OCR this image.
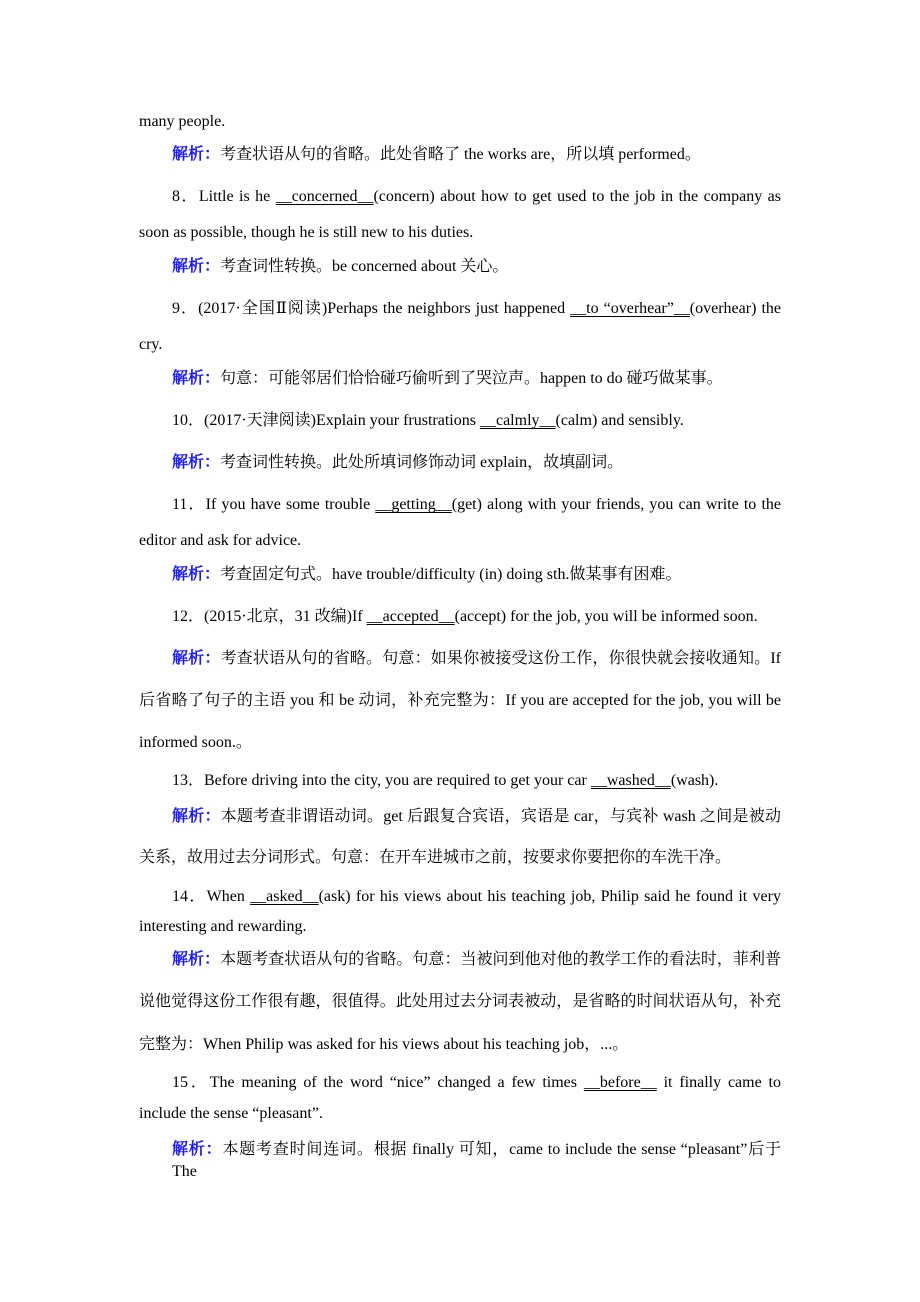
many people.
解析：考查状语从句的省略。此处省略了 the works are，所以填 performed。
8．Little is he __concerned__(concern) about how to get used to the job in the company as
soon as possible, though he is still new to his duties.
解析：考查词性转换。be concerned about 关心。
9．(2017·全国Ⅱ阅读)Perhaps the neighbors just happened __to “overhear”__(overhear) the
cry.
解析：句意：可能邻居们恰恰碰巧偷听到了哭泣声。happen to do 碰巧做某事。
10．(2017·天津阅读)Explain your frustrations __calmly__(calm) and sensibly.
解析：考查词性转换。此处所填词修饰动词 explain，故填副词。
11．If you have some trouble __getting__(get) along with your friends, you can write to the
editor and ask for advice.
解析：考查固定句式。have trouble/difficulty (in) doing sth.做某事有困难。
12．(2015·北京，31 改编)If __accepted__(accept) for the job, you will be informed soon.
解析：考查状语从句的省略。句意：如果你被接受这份工作，你很快就会接收通知。If
后省略了句子的主语 you 和 be 动词，补充完整为：If you are accepted for the job, you will be
informed soon.。
13．Before driving into the city, you are required to get your car __washed__(wash).
解析：本题考查非谓语动词。get 后跟复合宾语，宾语是 car，与宾补 wash 之间是被动
关系，故用过去分词形式。句意：在开车进城市之前，按要求你要把你的车洗干净。
14．When __asked__(ask) for his views about his teaching job, Philip said he found it very
interesting and rewarding.
解析：本题考查状语从句的省略。句意：当被问到他对他的教学工作的看法时，菲利普
说他觉得这份工作很有趣，很值得。此处用过去分词表被动，是省略的时间状语从句，补充
完整为：When Philip was asked for his views about his teaching job，...。
15．The meaning of the word “nice” changed a few times __before__ it finally came to
include the sense “pleasant”.
解析：本题考查时间连词。根据 finally 可知，came to include the sense “pleasant”后于 The
